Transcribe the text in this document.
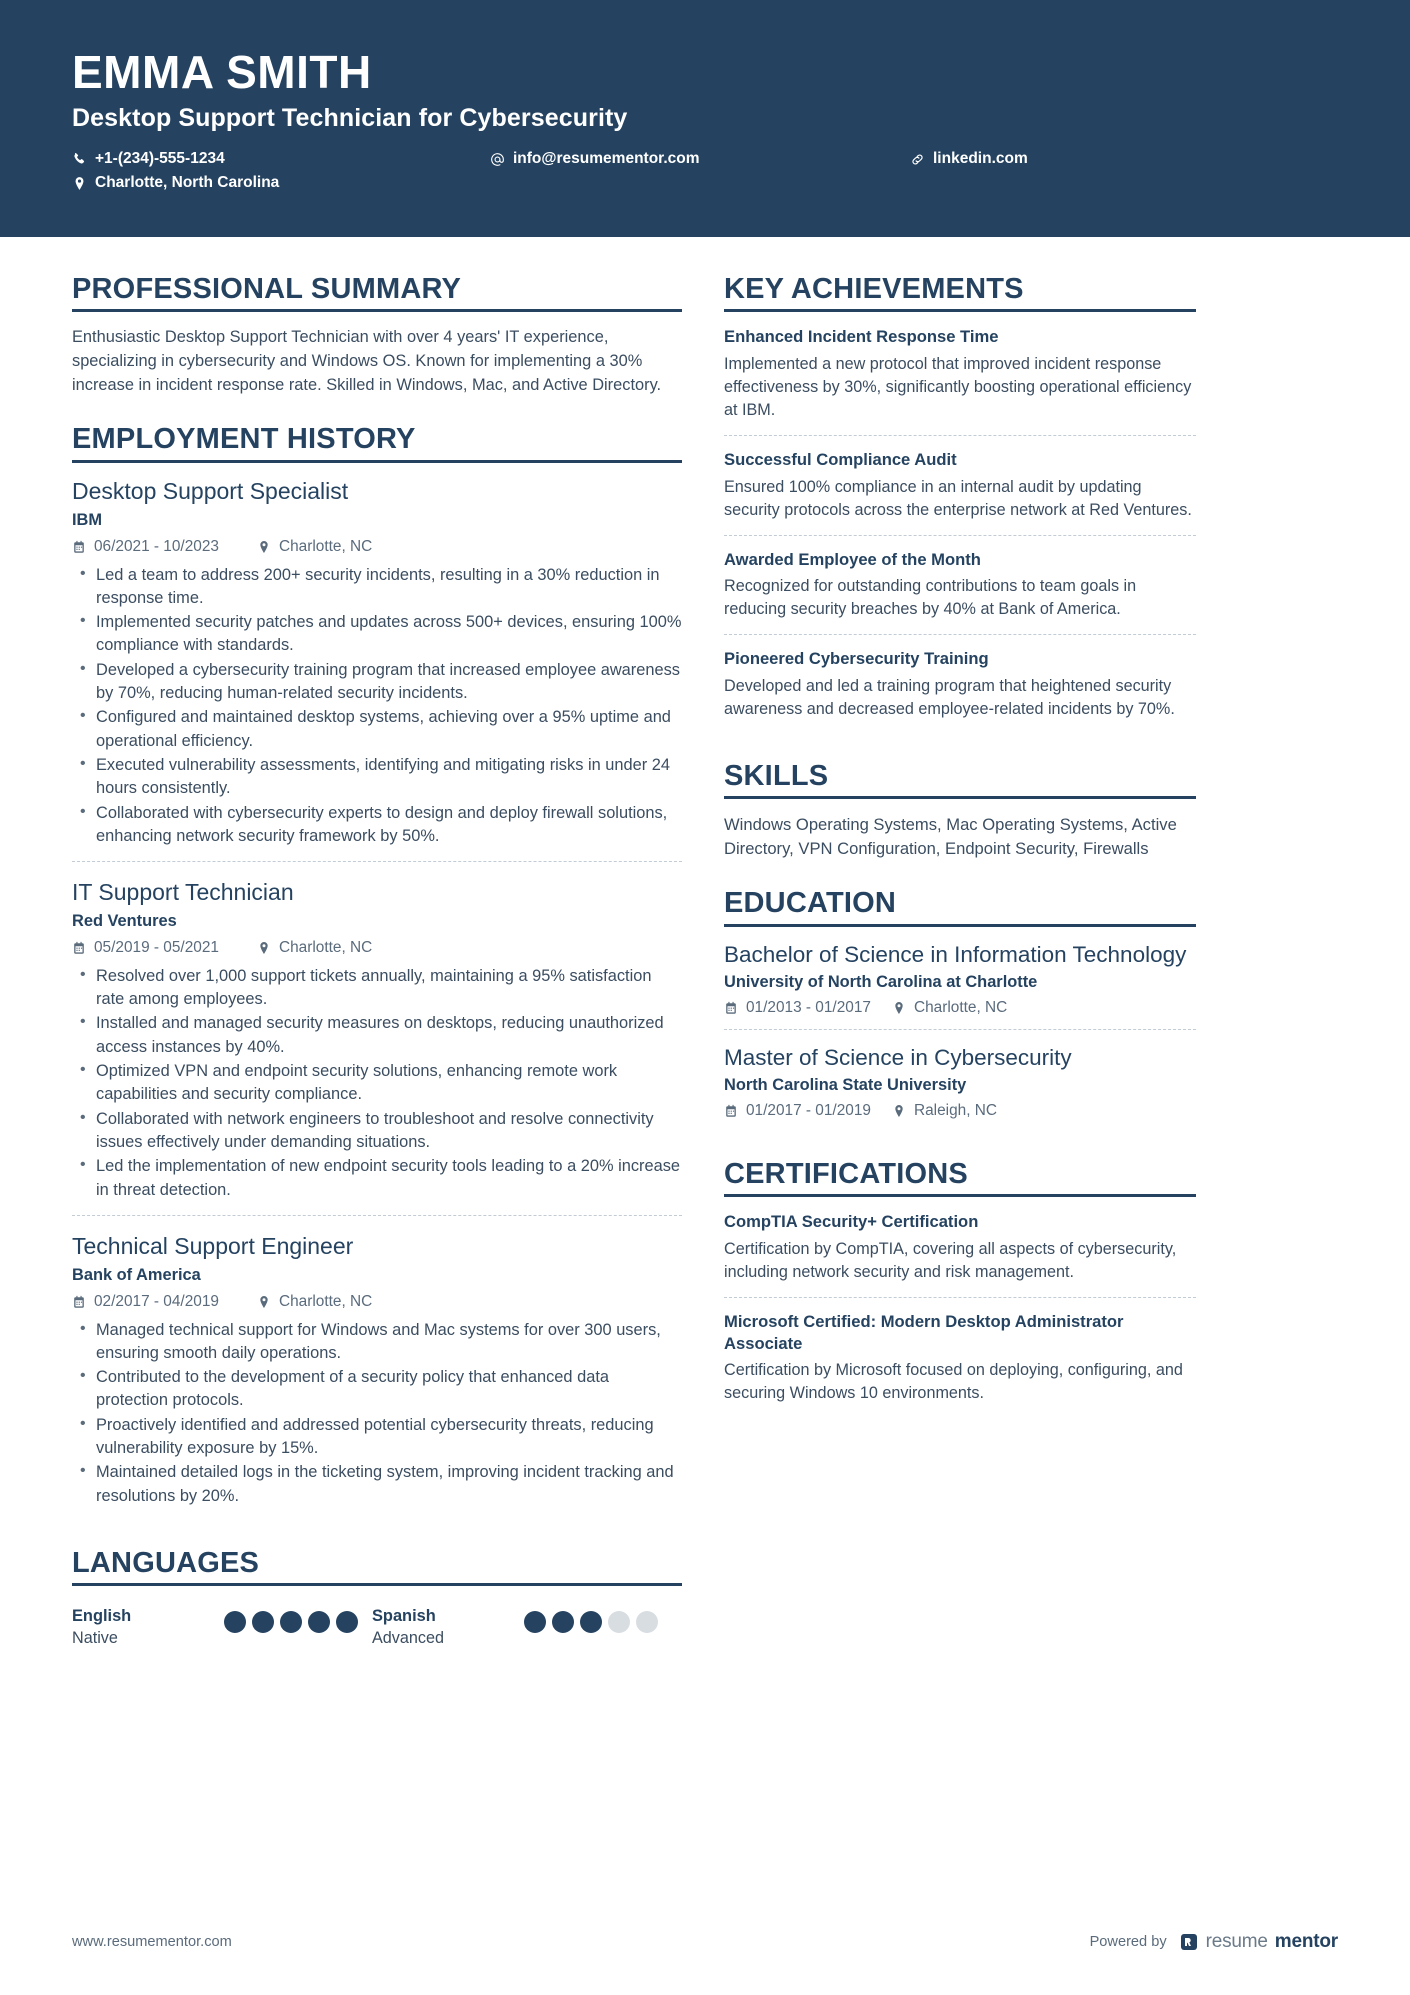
EMMA SMITH
Desktop Support Technician for Cybersecurity
+1-(234)-555-1234	info@resumementor.com	linkedin.com
Charlotte, North Carolina
PROFESSIONAL SUMMARY
Enthusiastic Desktop Support Technician with over 4 years' IT experience, specializing in cybersecurity and Windows OS. Known for implementing a 30% increase in incident response rate. Skilled in Windows, Mac, and Active Directory.
EMPLOYMENT HISTORY
Desktop Support Specialist
IBM
06/2021 - 10/2023	Charlotte, NC
• Led a team to address 200+ security incidents, resulting in a 30% reduction in response time.
• Implemented security patches and updates across 500+ devices, ensuring 100% compliance with standards.
• Developed a cybersecurity training program that increased employee awareness by 70%, reducing human-related security incidents.
• Configured and maintained desktop systems, achieving over a 95% uptime and operational efficiency.
• Executed vulnerability assessments, identifying and mitigating risks in under 24 hours consistently.
• Collaborated with cybersecurity experts to design and deploy firewall solutions, enhancing network security framework by 50%.
IT Support Technician
Red Ventures
05/2019 - 05/2021	Charlotte, NC
• Resolved over 1,000 support tickets annually, maintaining a 95% satisfaction rate among employees.
• Installed and managed security measures on desktops, reducing unauthorized access instances by 40%.
• Optimized VPN and endpoint security solutions, enhancing remote work capabilities and security compliance.
• Collaborated with network engineers to troubleshoot and resolve connectivity issues effectively under demanding situations.
• Led the implementation of new endpoint security tools leading to a 20% increase in threat detection.
Technical Support Engineer
Bank of America
02/2017 - 04/2019	Charlotte, NC
• Managed technical support for Windows and Mac systems for over 300 users, ensuring smooth daily operations.
• Contributed to the development of a security policy that enhanced data protection protocols.
• Proactively identified and addressed potential cybersecurity threats, reducing vulnerability exposure by 15%.
• Maintained detailed logs in the ticketing system, improving incident tracking and resolutions by 20%.
LANGUAGES
English
Native
Spanish
Advanced
KEY ACHIEVEMENTS
Enhanced Incident Response Time
Implemented a new protocol that improved incident response effectiveness by 30%, significantly boosting operational efficiency at IBM.
Successful Compliance Audit
Ensured 100% compliance in an internal audit by updating security protocols across the enterprise network at Red Ventures.
Awarded Employee of the Month
Recognized for outstanding contributions to team goals in reducing security breaches by 40% at Bank of America.
Pioneered Cybersecurity Training
Developed and led a training program that heightened security awareness and decreased employee-related incidents by 70%.
SKILLS
Windows Operating Systems, Mac Operating Systems, Active Directory, VPN Configuration, Endpoint Security, Firewalls
EDUCATION
Bachelor of Science in Information Technology
University of North Carolina at Charlotte
01/2013 - 01/2017	Charlotte, NC
Master of Science in Cybersecurity
North Carolina State University
01/2017 - 01/2019	Raleigh, NC
CERTIFICATIONS
CompTIA Security+ Certification
Certification by CompTIA, covering all aspects of cybersecurity, including network security and risk management.
Microsoft Certified: Modern Desktop Administrator Associate
Certification by Microsoft focused on deploying, configuring, and securing Windows 10 environments.
www.resumementor.com	Powered by resume mentor
